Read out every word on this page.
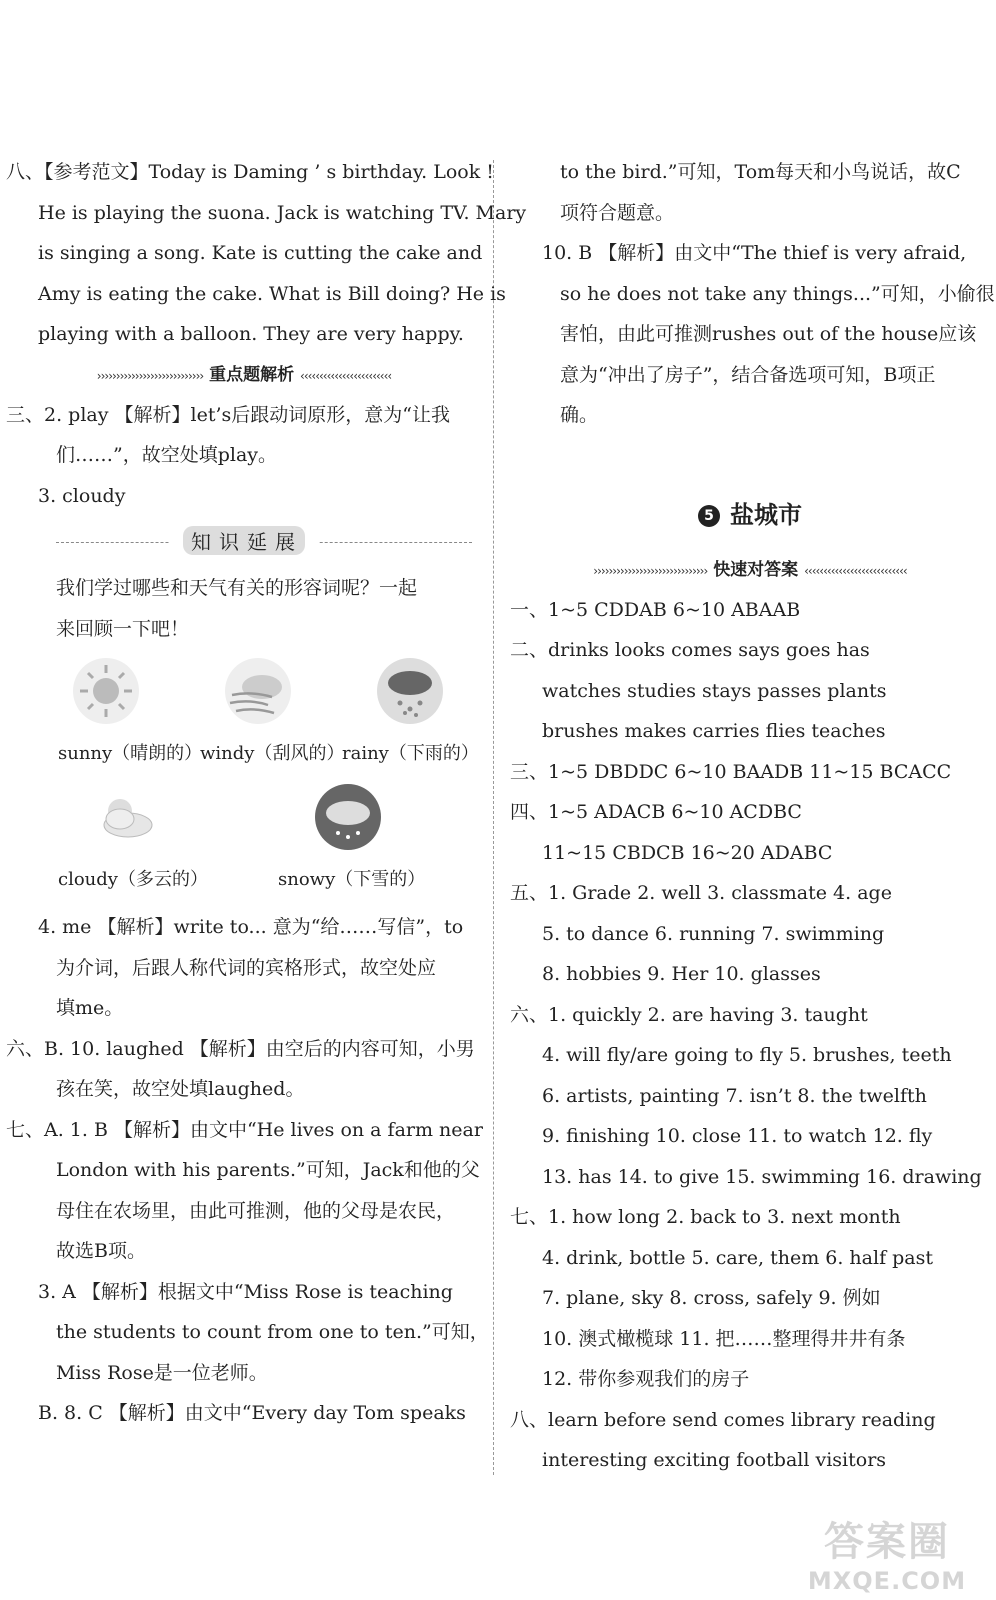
八、【参考范文】Today is Daming ’ s birthday. Look !
He is playing the suona. Jack is watching TV. Mary
is singing a song. Kate is cutting the cake and
Amy is eating the cake. What is Bill doing? He is
playing with a balloon. They are very happy.
›››››››››››››››››››››››››››› 重点题解析 ‹‹‹‹‹‹‹‹‹‹‹‹‹‹‹‹‹‹‹‹‹‹‹‹
三、2. play 【解析】let’s后跟动词原形，意为“让我
们……”，故空处填play。
3. cloudy
知识延展
我们学过哪些和天气有关的形容词呢？一起
来回顾一下吧！
sunny（晴朗的）
windy（刮风的）
rainy（下雨的）
cloudy（多云的）	snowy（下雪的）
4. me 【解析】write to... 意为“给……写信”，to
为介词，后跟人称代词的宾格形式，故空处应
填me。
六、B. 10. laughed 【解析】由空后的内容可知，小男
孩在笑，故空处填laughed。
七、A. 1. B 【解析】由文中“He lives on a farm near
London with his parents.”可知，Jack和他的父
母住在农场里，由此可推测，他的父母是农民，
故选B项。
3. A 【解析】根据文中“Miss Rose is teaching
the students to count from one to ten.”可知，
Miss Rose是一位老师。
B. 8. C 【解析】由文中“Every day Tom speaks
to the bird.”可知，Tom每天和小鸟说话，故C
项符合题意。
10. B 【解析】由文中“The thief is very afraid,
so he does not take any things...”可知，小偷很
害怕，由此可推测rushes out of the house应该
意为“冲出了房子”，结合备选项可知，B项正
确。
5 盐城市
›››››››››››››››››››››››››››››› 快速对答案 ‹‹‹‹‹‹‹‹‹‹‹‹‹‹‹‹‹‹‹‹‹‹‹‹‹‹‹
一、1~5 CDDAB 6~10 ABAAB
二、drinks looks comes says goes has
watches studies stays passes plants
brushes makes carries flies teaches
三、1~5 DBDDC 6~10 BAADB 11~15 BCACC
四、1~5 ADACB 6~10 ACDBC
11~15 CBDCB 16~20 ADABC
五、1. Grade 2. well 3. classmate 4. age
5. to dance 6. running 7. swimming
8. hobbies 9. Her 10. glasses
六、1. quickly 2. are having 3. taught
4. will fly/are going to fly 5. brushes, teeth
6. artists, painting 7. isn’t 8. the twelfth
9. finishing 10. close 11. to watch 12. fly
13. has 14. to give 15. swimming 16. drawing
七、1. how long 2. back to 3. next month
4. drink, bottle 5. care, them 6. half past
7. plane, sky 8. cross, safely 9. 例如
10. 澳式橄榄球 11. 把……整理得井井有条
12. 带你参观我们的房子
八、learn before send comes library reading
interesting exciting football visitors
答案圈
MXQE.COM
